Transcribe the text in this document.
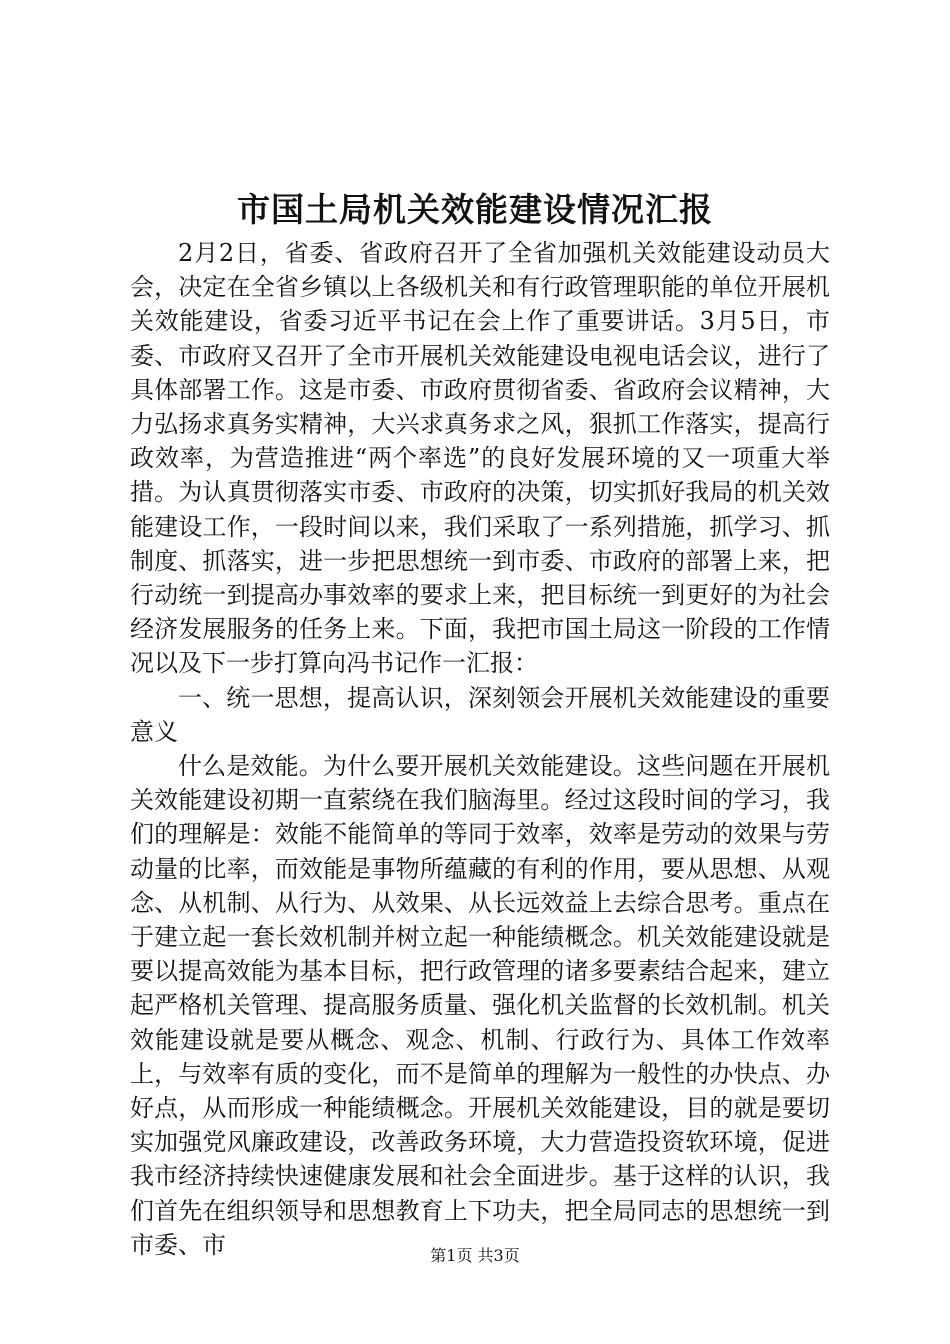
市国土局机关效能建设情况汇报

2月2日，省委、省政府召开了全省加强机关效能建设动员大会，决定在全省乡镇以上各级机关和有行政管理职能的单位开展机关效能建设，省委习近平书记在会上作了重要讲话。3月5日，市委、市政府又召开了全市开展机关效能建设电视电话会议，进行了具体部署工作。这是市委、市政府贯彻省委、省政府会议精神，大力弘扬求真务实精神，大兴求真务求之风，狠抓工作落实，提高行政效率，为营造推进“两个率选”的良好发展环境的又一项重大举措。为认真贯彻落实市委、市政府的决策，切实抓好我局的机关效能建设工作，一段时间以来，我们采取了一系列措施，抓学习、抓制度、抓落实，进一步把思想统一到市委、市政府的部署上来，把行动统一到提高办事效率的要求上来，把目标统一到更好的为社会经济发展服务的任务上来。下面，我把市国土局这一阶段的工作情况以及下一步打算向冯书记作一汇报：

一、统一思想，提高认识，深刻领会开展机关效能建设的重要意义

什么是效能。为什么要开展机关效能建设。这些问题在开展机关效能建设初期一直萦绕在我们脑海里。经过这段时间的学习，我们的理解是：效能不能简单的等同于效率，效率是劳动的效果与劳动量的比率，而效能是事物所蕴藏的有利的作用，要从思想、从观念、从机制、从行为、从效果、从长远效益上去综合思考。重点在于建立起一套长效机制并树立起一种能绩概念。机关效能建设就是要以提高效能为基本目标，把行政管理的诸多要素结合起来，建立起严格机关管理、提高服务质量、强化机关监督的长效机制。机关效能建设就是要从概念、观念、机制、行政行为、具体工作效率上，与效率有质的变化，而不是简单的理解为一般性的办快点、办好点，从而形成一种能绩概念。开展机关效能建设，目的就是要切实加强党风廉政建设，改善政务环境，大力营造投资软环境，促进我市经济持续快速健康发展和社会全面进步。基于这样的认识，我们首先在组织领导和思想教育上下功夫，把全局同志的思想统一到市委、市	第1页 共3页
